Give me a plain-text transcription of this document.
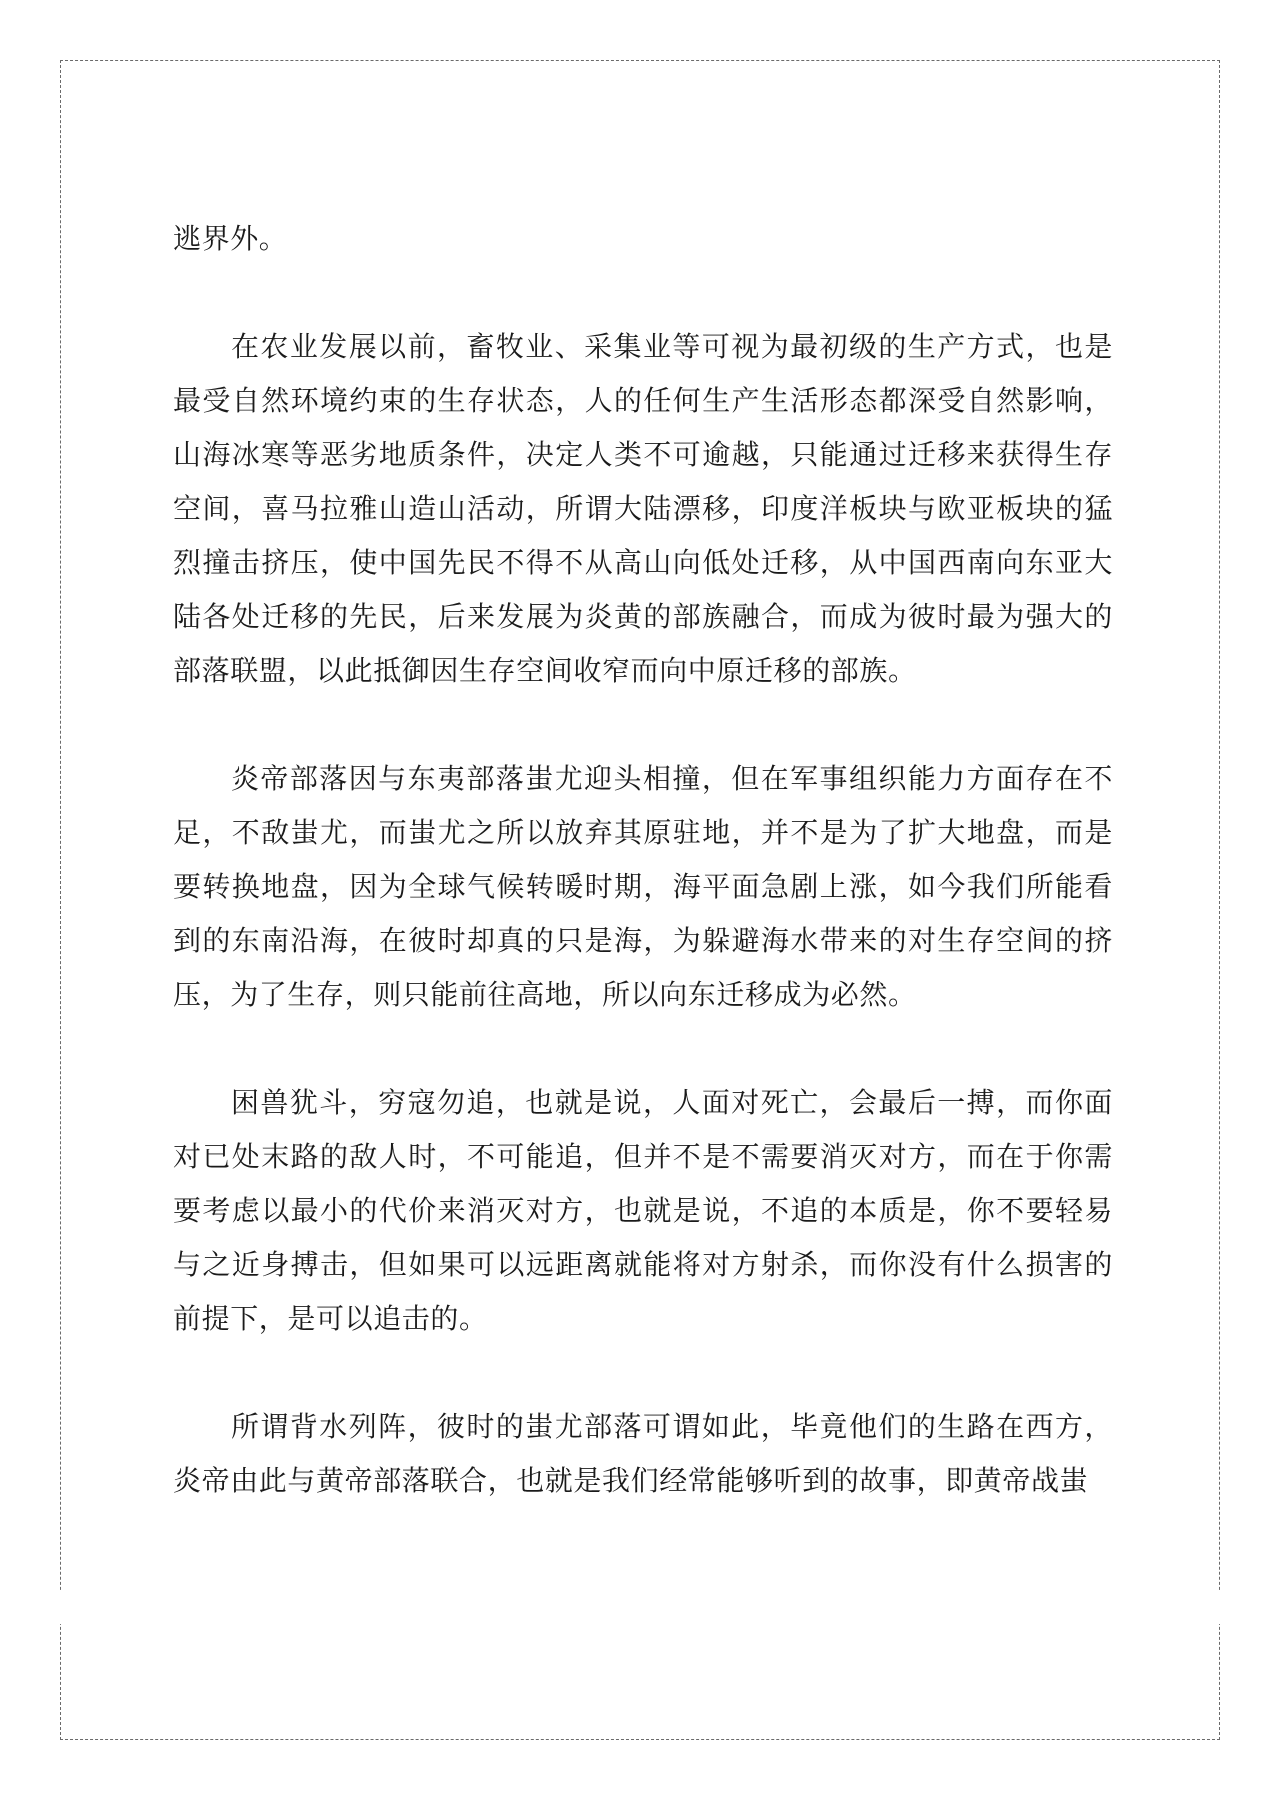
逃界外。

在农业发展以前，畜牧业、采集业等可视为最初级的生产方式，也是最受自然环境约束的生存状态，人的任何生产生活形态都深受自然影响，山海冰寒等恶劣地质条件，决定人类不可逾越，只能通过迁移来获得生存空间，喜马拉雅山造山活动，所谓大陆漂移，印度洋板块与欧亚板块的猛烈撞击挤压，使中国先民不得不从高山向低处迁移，从中国西南向东亚大陆各处迁移的先民，后来发展为炎黄的部族融合，而成为彼时最为强大的部落联盟，以此抵御因生存空间收窄而向中原迁移的部族。

炎帝部落因与东夷部落蚩尤迎头相撞，但在军事组织能力方面存在不足，不敌蚩尤，而蚩尤之所以放弃其原驻地，并不是为了扩大地盘，而是要转换地盘，因为全球气候转暖时期，海平面急剧上涨，如今我们所能看到的东南沿海，在彼时却真的只是海，为躲避海水带来的对生存空间的挤压，为了生存，则只能前往高地，所以向东迁移成为必然。

困兽犹斗，穷寇勿追，也就是说，人面对死亡，会最后一搏，而你面对已处末路的敌人时，不可能追，但并不是不需要消灭对方，而在于你需要考虑以最小的代价来消灭对方，也就是说，不追的本质是，你不要轻易与之近身搏击，但如果可以远距离就能将对方射杀，而你没有什么损害的前提下，是可以追击的。

所谓背水列阵，彼时的蚩尤部落可谓如此，毕竟他们的生路在西方，炎帝由此与黄帝部落联合，也就是我们经常能够听到的故事，即黄帝战蚩
